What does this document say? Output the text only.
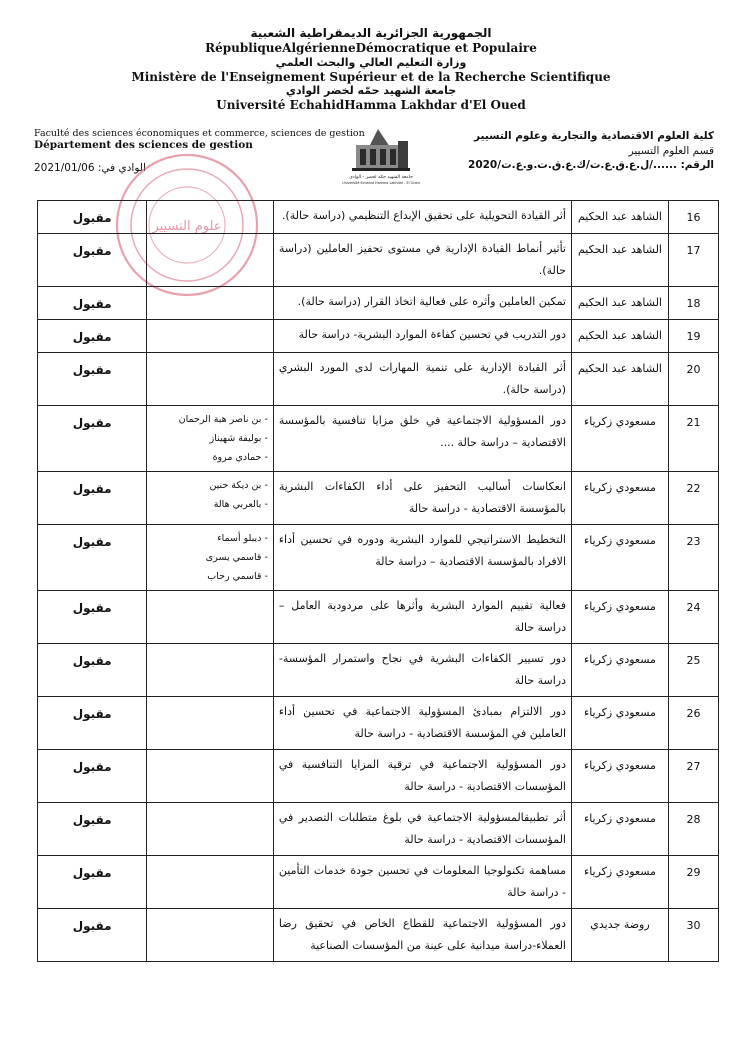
الجمهورية الجزائرية الديمقراطية الشعبية
RépubliqueAlgérienneDémocratique et Populaire
وزارة التعليم العالي والبحث العلمي
Ministère de l'Enseignement Supérieur et de la Recherche Scientifique
جامعة الشهيد حمّه لخضر الوادي
Université EchahidHamma Lakhdar d'El Oued
Faculté des sciences économiques et commerce, sciences de gestion
Département des sciences de gestion
الوادي في: 2021/01/06
كلية العلوم الاقتصادية والتجارية وعلوم التسيير
قسم العلوم التسيير
الرقم: ....../ل.ع.ق.ع.ت/ك.ع.ق.ت.و.ع.ت/2020
جامعة الشهيد حمّه لخضر - الوادي
Université Echahid Hamma Lakhdar - El Oued
علوم التسيير
16	الشاهد عبد الحكيم	أثر القيادة التحويلية على تحقيق الإبداع التنظيمي (دراسة حالة).		مقبول
17	الشاهد عبد الحكيم	تأثير أنماط القيادة الإدارية في مستوى تحفيز العاملين (دراسة حالة).		مقبول
18	الشاهد عبد الحكيم	تمكين العاملين وأثره على فعالية اتخاذ القرار (دراسة حالة).		مقبول
19	الشاهد عبد الحكيم	دور التدريب في تحسين كفاءة الموارد البشرية- دراسة حالة		مقبول
20	الشاهد عبد الحكيم	أثر القيادة الإدارية على تنمية المهارات لدى المورد البشري (دراسة حالة).		مقبول
21	مسعودي زكرياء	دور المسؤولية الاجتماعية في خلق مزايا تنافسية بالمؤسسة الاقتصادية – دراسة حالة ....	- بن ناصر هبة الرحمان
- بوليفة شهيناز
- حمادي مروة	مقبول
22	مسعودي زكرياء	انعكاسات أساليب التحفيز على أداء الكفاءات البشرية بالمؤسسة الاقتصادية - دراسة حالة	- بن ديكة حنين
- بالعربي هالة	مقبول
23	مسعودي زكرياء	التخطيط الاستراتيجي للموارد البشرية ودوره في تحسين أداء الافراد بالمؤسسة الاقتصادية – دراسة حالة	- ديبلو أسماء
- قاسمي يسرى
- قاسمي رحاب	مقبول
24	مسعودي زكرياء	فعالية تقييم الموارد البشرية وأثرها على مردودية العامل – دراسة حالة		مقبول
25	مسعودي زكرياء	دور تسيير الكفاءات البشرية في نجاح واستمرار المؤسسة- دراسة حالة		مقبول
26	مسعودي زكرياء	دور الالتزام بمبادئ المسؤولية الاجتماعية في تحسين أداء العاملين في المؤسسة الاقتصادية - دراسة حالة		مقبول
27	مسعودي زكرياء	دور المسؤولية الاجتماعية في ترقية المزايا التنافسية في المؤسسات الاقتصادية - دراسة حالة		مقبول
28	مسعودي زكرياء	أثر تطبيقالمسؤولية الاجتماعية في بلوغ متطلبات التصدير في المؤسسات الاقتصادية - دراسة حالة		مقبول
29	مسعودي زكرياء	مساهمة تكنولوجيا المعلومات في تحسين جودة خدمات التأمين - دراسة حالة		مقبول
30	روضة جديدي	دور المسؤولية الاجتماعية للقطاع الخاص في تحقيق رضا العملاء-دراسة ميدانية على عينة من المؤسسات الصناعية		مقبول
